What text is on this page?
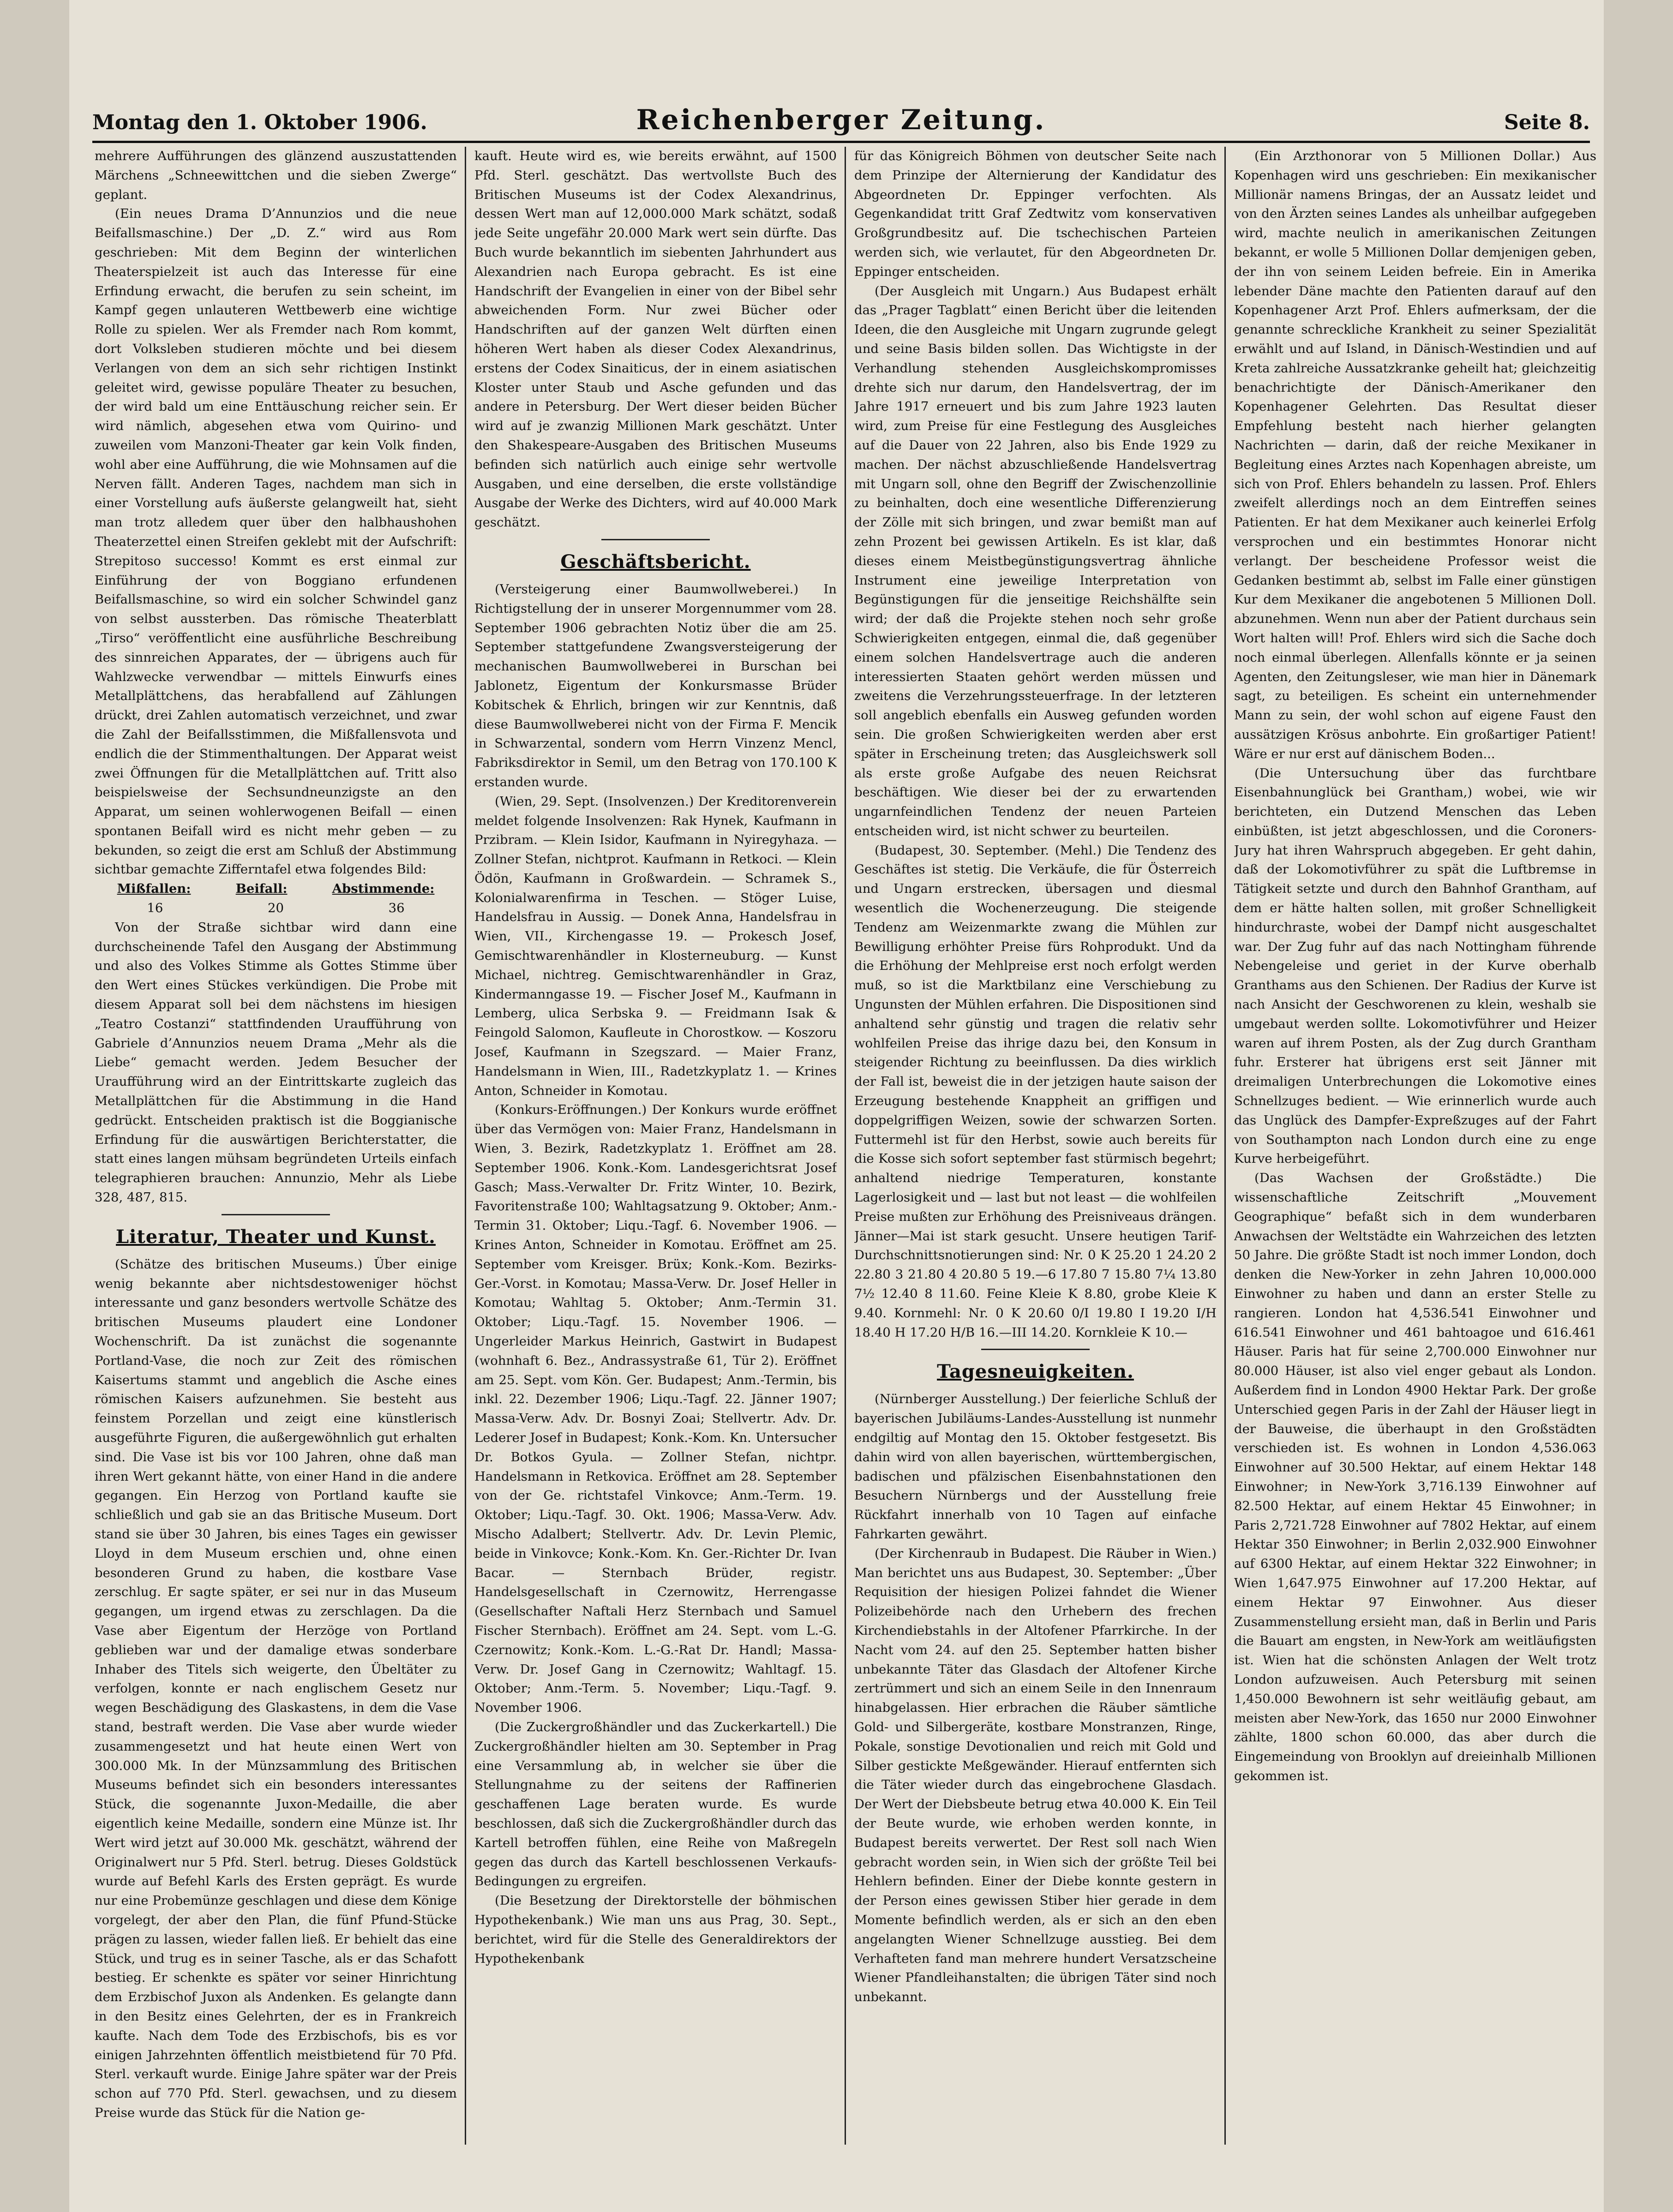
Montag den 1. Oktober 1906.	Reichenberger Zeitung.	Seite 8.

mehrere Aufführungen des glänzend auszustattenden Märchens „Schneewittchen und die sieben Zwerge“ geplant.

(Ein neues Drama D’Annunzios und die neue Beifallsmaschine.) Der „D. Z.“ wird aus Rom geschrieben: Mit dem Beginn der winterlichen Theaterspielzeit ist auch das Interesse für eine Erfindung erwacht, die berufen zu sein scheint, im Kampf gegen unlauteren Wettbewerb eine wichtige Rolle zu spielen. Wer als Fremder nach Rom kommt, dort Volksleben studieren möchte und bei diesem Verlangen von dem an sich sehr richtigen Instinkt geleitet wird, gewisse populäre Theater zu besuchen, der wird bald um eine Enttäuschung reicher sein. Er wird nämlich, abgesehen etwa vom Quirino- und zuweilen vom Manzoni-Theater gar kein Volk finden, wohl aber eine Aufführung, die wie Mohnsamen auf die Nerven fällt. Anderen Tages, nachdem man sich in einer Vorstellung aufs äußerste gelangweilt hat, sieht man trotz alledem quer über den halbhaushohen Theaterzettel einen Streifen geklebt mit der Aufschrift: Strepitoso successo! Kommt es erst einmal zur Einführung der von Boggiano erfundenen Beifallsmaschine, so wird ein solcher Schwindel ganz von selbst aussterben. Das römische Theaterblatt „Tirso“ veröffentlicht eine ausführliche Beschreibung des sinnreichen Apparates, der — übrigens auch für Wahlzwecke verwendbar — mittels Einwurfs eines Metallplättchens, das herabfallend auf Zählungen drückt, drei Zahlen automatisch verzeichnet, und zwar die Zahl der Beifallsstimmen, die Mißfallensvota und endlich die der Stimmenthaltungen. Der Apparat weist zwei Öffnungen für die Metallplättchen auf. Tritt also beispielsweise der Sechsundneunzigste an den Apparat, um seinen wohlerwogenen Beifall — einen spontanen Beifall wird es nicht mehr geben — zu bekunden, so zeigt die erst am Schluß der Abstimmung sichtbar gemachte Zifferntafel etwa folgendes Bild:

Mißfallen:	Beifall:	Abstimmende:
16	20	36

Von der Straße sichtbar wird dann eine durchscheinende Tafel den Ausgang der Abstimmung und also des Volkes Stimme als Gottes Stimme über den Wert eines Stückes verkündigen. Die Probe mit diesem Apparat soll bei dem nächstens im hiesigen „Teatro Costanzi“ stattfindenden Uraufführung von Gabriele d’Annunzios neuem Drama „Mehr als die Liebe“ gemacht werden. Jedem Besucher der Uraufführung wird an der Eintrittskarte zugleich das Metallplättchen für die Abstimmung in die Hand gedrückt. Entscheiden praktisch ist die Boggianische Erfindung für die auswärtigen Berichterstatter, die statt eines langen mühsam begründeten Urteils einfach telegraphieren brauchen: Annunzio, Mehr als Liebe 328, 487, 815.

Literatur, Theater und Kunst.

(Schätze des britischen Museums.) Über einige wenig bekannte aber nichtsdestoweniger höchst interessante und ganz besonders wertvolle Schätze des britischen Museums plaudert eine Londoner Wochenschrift. Da ist zunächst die sogenannte Portland-Vase, die noch zur Zeit des römischen Kaisertums stammt und angeblich die Asche eines römischen Kaisers aufzunehmen. Sie besteht aus feinstem Porzellan und zeigt eine künstlerisch ausgeführte Figuren, die außergewöhnlich gut erhalten sind. Die Vase ist bis vor 100 Jahren, ohne daß man ihren Wert gekannt hätte, von einer Hand in die andere gegangen. Ein Herzog von Portland kaufte sie schließlich und gab sie an das Britische Museum. Dort stand sie über 30 Jahren, bis eines Tages ein gewisser Lloyd in dem Museum erschien und, ohne einen besonderen Grund zu haben, die kostbare Vase zerschlug. Er sagte später, er sei nur in das Museum gegangen, um irgend etwas zu zerschlagen. Da die Vase aber Eigentum der Herzöge von Portland geblieben war und der damalige etwas sonderbare Inhaber des Titels sich weigerte, den Übeltäter zu verfolgen, konnte er nach englischem Gesetz nur wegen Beschädigung des Glaskastens, in dem die Vase stand, bestraft werden. Die Vase aber wurde wieder zusammengesetzt und hat heute einen Wert von 300.000 Mk. In der Münzsammlung des Britischen Museums befindet sich ein besonders interessantes Stück, die sogenannte Juxon-Medaille, die aber eigentlich keine Medaille, sondern eine Münze ist. Ihr Wert wird jetzt auf 30.000 Mk. geschätzt, während der Originalwert nur 5 Pfd. Sterl. betrug. Dieses Goldstück wurde auf Befehl Karls des Ersten geprägt. Es wurde nur eine Probemünze geschlagen und diese dem Könige vorgelegt, der aber den Plan, die fünf Pfund-Stücke prägen zu lassen, wieder fallen ließ. Er behielt das eine Stück, und trug es in seiner Tasche, als er das Schafott bestieg. Er schenkte es später vor seiner Hinrichtung dem Erzbischof Juxon als Andenken. Es gelangte dann in den Besitz eines Gelehrten, der es in Frankreich kaufte. Nach dem Tode des Erzbischofs, bis es vor einigen Jahrzehnten öffentlich meistbietend für 70 Pfd. Sterl. verkauft wurde. Einige Jahre später war der Preis schon auf 770 Pfd. Sterl. gewachsen, und zu diesem Preise wurde das Stück für die Nation ge-

kauft. Heute wird es, wie bereits erwähnt, auf 1500 Pfd. Sterl. geschätzt. Das wertvollste Buch des Britischen Museums ist der Codex Alexandrinus, dessen Wert man auf 12,000.000 Mark schätzt, sodaß jede Seite ungefähr 20.000 Mark wert sein dürfte. Das Buch wurde bekanntlich im siebenten Jahrhundert aus Alexandrien nach Europa gebracht. Es ist eine Handschrift der Evangelien in einer von der Bibel sehr abweichenden Form. Nur zwei Bücher oder Handschriften auf der ganzen Welt dürften einen höheren Wert haben als dieser Codex Alexandrinus, erstens der Codex Sinaiticus, der in einem asiatischen Kloster unter Staub und Asche gefunden und das andere in Petersburg. Der Wert dieser beiden Bücher wird auf je zwanzig Millionen Mark geschätzt. Unter den Shakespeare-Ausgaben des Britischen Museums befinden sich natürlich auch einige sehr wertvolle Ausgaben, und eine derselben, die erste vollständige Ausgabe der Werke des Dichters, wird auf 40.000 Mark geschätzt.

Geschäftsbericht.

(Versteigerung einer Baumwollweberei.) In Richtigstellung der in unserer Morgennummer vom 28. September 1906 gebrachten Notiz über die am 25. September stattgefundene Zwangsversteigerung der mechanischen Baumwollweberei in Burschan bei Jablonetz, Eigentum der Konkursmasse Brüder Kobitschek & Ehrlich, bringen wir zur Kenntnis, daß diese Baumwollweberei nicht von der Firma F. Mencik in Schwarzental, sondern vom Herrn Vinzenz Mencl, Fabriksdirektor in Semil, um den Betrag von 170.100 K erstanden wurde.

(Wien, 29. Sept. (Insolvenzen.) Der Kreditorenverein meldet folgende Insolvenzen: Rak Hynek, Kaufmann in Przibram. — Klein Isidor, Kaufmann in Nyiregyhaza. — Zollner Stefan, nichtprot. Kaufmann in Retkoci. — Klein Ödön, Kaufmann in Großwardein. — Schramek S., Kolonialwarenfirma in Teschen. — Stöger Luise, Handelsfrau in Aussig. — Donek Anna, Handelsfrau in Wien, VII., Kirchengasse 19. — Prokesch Josef, Gemischtwarenhändler in Klosterneuburg. — Kunst Michael, nichtreg. Gemischtwarenhändler in Graz, Kindermanngasse 19. — Fischer Josef M., Kaufmann in Lemberg, ulica Serbska 9. — Freidmann Isak & Feingold Salomon, Kaufleute in Chorostkow. — Koszoru Josef, Kaufmann in Szegszard. — Maier Franz, Handelsmann in Wien, III., Radetzkyplatz 1. — Krines Anton, Schneider in Komotau.

(Konkurs-Eröffnungen.) Der Konkurs wurde eröffnet über das Vermögen von: Maier Franz, Handelsmann in Wien, 3. Bezirk, Radetzkyplatz 1. Eröffnet am 28. September 1906. Konk.-Kom. Landesgerichtsrat Josef Gasch; Mass.-Verwalter Dr. Fritz Winter, 10. Bezirk, Favoritenstraße 100; Wahltagsatzung 9. Oktober; Anm.-Termin 31. Oktober; Liqu.-Tagf. 6. November 1906. — Krines Anton, Schneider in Komotau. Eröffnet am 25. September vom Kreisger. Brüx; Konk.-Kom. Bezirks-Ger.-Vorst. in Komotau; Massa-Verw. Dr. Josef Heller in Komotau; Wahltag 5. Oktober; Anm.-Termin 31. Oktober; Liqu.-Tagf. 15. November 1906. — Ungerleider Markus Heinrich, Gastwirt in Budapest (wohnhaft 6. Bez., Andrassystraße 61, Tür 2). Eröffnet am 25. Sept. vom Kön. Ger. Budapest; Anm.-Termin, bis inkl. 22. Dezember 1906; Liqu.-Tagf. 22. Jänner 1907; Massa-Verw. Adv. Dr. Bosnyi Zoai; Stellvertr. Adv. Dr. Lederer Josef in Budapest; Konk.-Kom. Kn. Untersucher Dr. Botkos Gyula. — Zollner Stefan, nichtpr. Handelsmann in Retkovica. Eröffnet am 28. September von der Ge. richtstafel Vinkovce; Anm.-Term. 19. Oktober; Liqu.-Tagf. 30. Okt. 1906; Massa-Verw. Adv. Mischo Adalbert; Stellvertr. Adv. Dr. Levin Plemic, beide in Vinkovce; Konk.-Kom. Kn. Ger.-Richter Dr. Ivan Bacar. — Sternbach Brüder, registr. Handelsgesellschaft in Czernowitz, Herrengasse (Gesellschafter Naftali Herz Sternbach und Samuel Fischer Sternbach). Eröffnet am 24. Sept. vom L.-G. Czernowitz; Konk.-Kom. L.-G.-Rat Dr. Handl; Massa-Verw. Dr. Josef Gang in Czernowitz; Wahltagf. 15. Oktober; Anm.-Term. 5. November; Liqu.-Tagf. 9. November 1906.

(Die Zuckergroßhändler und das Zuckerkartell.) Die Zuckergroßhändler hielten am 30. September in Prag eine Versammlung ab, in welcher sie über die Stellungnahme zu der seitens der Raffinerien geschaffenen Lage beraten wurde. Es wurde beschlossen, daß sich die Zuckergroßhändler durch das Kartell betroffen fühlen, eine Reihe von Maßregeln gegen das durch das Kartell beschlossenen Verkaufs-Bedingungen zu ergreifen.

(Die Besetzung der Direktorstelle der böhmischen Hypothekenbank.) Wie man uns aus Prag, 30. Sept., berichtet, wird für die Stelle des Generaldirektors der Hypothekenbank

für das Königreich Böhmen von deutscher Seite nach dem Prinzipe der Alternierung der Kandidatur des Abgeordneten Dr. Eppinger verfochten. Als Gegenkandidat tritt Graf Zedtwitz vom konservativen Großgrundbesitz auf. Die tschechischen Parteien werden sich, wie verlautet, für den Abgeordneten Dr. Eppinger entscheiden.

(Der Ausgleich mit Ungarn.) Aus Budapest erhält das „Prager Tagblatt“ einen Bericht über die leitenden Ideen, die den Ausgleiche mit Ungarn zugrunde gelegt und seine Basis bilden sollen. Das Wichtigste in der Verhandlung stehenden Ausgleichskompromisses drehte sich nur darum, den Handelsvertrag, der im Jahre 1917 erneuert und bis zum Jahre 1923 lauten wird, zum Preise für eine Festlegung des Ausgleiches auf die Dauer von 22 Jahren, also bis Ende 1929 zu machen. Der nächst abzuschließende Handelsvertrag mit Ungarn soll, ohne den Begriff der Zwischenzollinie zu beinhalten, doch eine wesentliche Differenzierung der Zölle mit sich bringen, und zwar bemißt man auf zehn Prozent bei gewissen Artikeln. Es ist klar, daß dieses einem Meistbegünstigungsvertrag ähnliche Instrument eine jeweilige Interpretation von Begünstigungen für die jenseitige Reichshälfte sein wird; der daß die Projekte stehen noch sehr große Schwierigkeiten entgegen, einmal die, daß gegenüber einem solchen Handelsvertrage auch die anderen interessierten Staaten gehört werden müssen und zweitens die Verzehrungssteuerfrage. In der letzteren soll angeblich ebenfalls ein Ausweg gefunden worden sein. Die großen Schwierigkeiten werden aber erst später in Erscheinung treten; das Ausgleichswerk soll als erste große Aufgabe des neuen Reichsrat beschäftigen. Wie dieser bei der zu erwartenden ungarnfeindlichen Tendenz der neuen Parteien entscheiden wird, ist nicht schwer zu beurteilen.

(Budapest, 30. September. (Mehl.) Die Tendenz des Geschäftes ist stetig. Die Verkäufe, die für Österreich und Ungarn erstrecken, übersagen und diesmal wesentlich die Wochenerzeugung. Die steigende Tendenz am Weizenmarkte zwang die Mühlen zur Bewilligung erhöhter Preise fürs Rohprodukt. Und da die Erhöhung der Mehlpreise erst noch erfolgt werden muß, so ist die Marktbilanz eine Verschiebung zu Ungunsten der Mühlen erfahren. Die Dispositionen sind anhaltend sehr günstig und tragen die relativ sehr wohlfeilen Preise das ihrige dazu bei, den Konsum in steigender Richtung zu beeinflussen. Da dies wirklich der Fall ist, beweist die in der jetzigen haute saison der Erzeugung bestehende Knappheit an griffigen und doppelgriffigen Weizen, sowie der schwarzen Sorten. Futtermehl ist für den Herbst, sowie auch bereits für die Kosse sich sofort september fast stürmisch begehrt; anhaltend niedrige Temperaturen, konstante Lagerlosigkeit und — last but not least — die wohlfeilen Preise mußten zur Erhöhung des Preisniveaus drängen. Jänner—Mai ist stark gesucht. Unsere heutigen Tarif-Durchschnittsnotierungen sind: Nr. 0 K 25.20 1 24.20 2 22.80 3 21.80 4 20.80 5 19.—6 17.80 7 15.80 7¼ 13.80 7½ 12.40 8 11.60. Feine Kleie K 8.80, grobe Kleie K 9.40. Kornmehl: Nr. 0 K 20.60 0/I 19.80 I 19.20 I/H 18.40 H 17.20 H/B 16.—III 14.20. Kornkleie K 10.—

Tagesneuigkeiten.

(Nürnberger Ausstellung.) Der feierliche Schluß der bayerischen Jubiläums-Landes-Ausstellung ist nunmehr endgiltig auf Montag den 15. Oktober festgesetzt. Bis dahin wird von allen bayerischen, württembergischen, badischen und pfälzischen Eisenbahnstationen den Besuchern Nürnbergs und der Ausstellung freie Rückfahrt innerhalb von 10 Tagen auf einfache Fahrkarten gewährt.

(Der Kirchenraub in Budapest. Die Räuber in Wien.) Man berichtet uns aus Budapest, 30. September: „Über Requisition der hiesigen Polizei fahndet die Wiener Polizeibehörde nach den Urhebern des frechen Kirchendiebstahls in der Altofener Pfarrkirche. In der Nacht vom 24. auf den 25. September hatten bisher unbekannte Täter das Glasdach der Altofener Kirche zertrümmert und sich an einem Seile in den Innenraum hinabgelassen. Hier erbrachen die Räuber sämtliche Gold- und Silbergeräte, kostbare Monstranzen, Ringe, Pokale, sonstige Devotionalien und reich mit Gold und Silber gestickte Meßgewänder. Hierauf entfernten sich die Täter wieder durch das eingebrochene Glasdach. Der Wert der Diebsbeute betrug etwa 40.000 K. Ein Teil der Beute wurde, wie erhoben werden konnte, in Budapest bereits verwertet. Der Rest soll nach Wien gebracht worden sein, in Wien sich der größte Teil bei Hehlern befinden. Einer der Diebe konnte gestern in der Person eines gewissen Stiber hier gerade in dem Momente befindlich werden, als er sich an den eben angelangten Wiener Schnellzuge ausstieg. Bei dem Verhafteten fand man mehrere hundert Versatzscheine Wiener Pfandleihanstalten; die übrigen Täter sind noch unbekannt.

(Ein Arzthonorar von 5 Millionen Dollar.) Aus Kopenhagen wird uns geschrieben: Ein mexikanischer Millionär namens Bringas, der an Aussatz leidet und von den Ärzten seines Landes als unheilbar aufgegeben wird, machte neulich in amerikanischen Zeitungen bekannt, er wolle 5 Millionen Dollar demjenigen geben, der ihn von seinem Leiden befreie. Ein in Amerika lebender Däne machte den Patienten darauf auf den Kopenhagener Arzt Prof. Ehlers aufmerksam, der die genannte schreckliche Krankheit zu seiner Spezialität erwählt und auf Island, in Dänisch-Westindien und auf Kreta zahlreiche Aussatzkranke geheilt hat; gleichzeitig benachrichtigte der Dänisch-Amerikaner den Kopenhagener Gelehrten. Das Resultat dieser Empfehlung besteht nach hierher gelangten Nachrichten — darin, daß der reiche Mexikaner in Begleitung eines Arztes nach Kopenhagen abreiste, um sich von Prof. Ehlers behandeln zu lassen. Prof. Ehlers zweifelt allerdings noch an dem Eintreffen seines Patienten. Er hat dem Mexikaner auch keinerlei Erfolg versprochen und ein bestimmtes Honorar nicht verlangt. Der bescheidene Professor weist die Gedanken bestimmt ab, selbst im Falle einer günstigen Kur dem Mexikaner die angebotenen 5 Millionen Doll. abzunehmen. Wenn nun aber der Patient durchaus sein Wort halten will! Prof. Ehlers wird sich die Sache doch noch einmal überlegen. Allenfalls könnte er ja seinen Agenten, den Zeitungsleser, wie man hier in Dänemark sagt, zu beteiligen. Es scheint ein unternehmender Mann zu sein, der wohl schon auf eigene Faust den aussätzigen Krösus anbohrte. Ein großartiger Patient! Wäre er nur erst auf dänischem Boden...

(Die Untersuchung über das furchtbare Eisenbahnunglück bei Grantham,) wobei, wie wir berichteten, ein Dutzend Menschen das Leben einbüßten, ist jetzt abgeschlossen, und die Coroners-Jury hat ihren Wahrspruch abgegeben. Er geht dahin, daß der Lokomotivführer zu spät die Luftbremse in Tätigkeit setzte und durch den Bahnhof Grantham, auf dem er hätte halten sollen, mit großer Schnelligkeit hindurchraste, wobei der Dampf nicht ausgeschaltet war. Der Zug fuhr auf das nach Nottingham führende Nebengeleise und geriet in der Kurve oberhalb Granthams aus den Schienen. Der Radius der Kurve ist nach Ansicht der Geschworenen zu klein, weshalb sie umgebaut werden sollte. Lokomotivführer und Heizer waren auf ihrem Posten, als der Zug durch Grantham fuhr. Ersterer hat übrigens erst seit Jänner mit dreimaligen Unterbrechungen die Lokomotive eines Schnellzuges bedient. — Wie erinnerlich wurde auch das Unglück des Dampfer-Expreßzuges auf der Fahrt von Southampton nach London durch eine zu enge Kurve herbeigeführt.

(Das Wachsen der Großstädte.) Die wissenschaftliche Zeitschrift „Mouvement Geographique“ befaßt sich in dem wunderbaren Anwachsen der Weltstädte ein Wahrzeichen des letzten 50 Jahre. Die größte Stadt ist noch immer London, doch denken die New-Yorker in zehn Jahren 10,000.000 Einwohner zu haben und dann an erster Stelle zu rangieren. London hat 4,536.541 Einwohner und 616.541 Einwohner und 461 bahtoagoe und 616.461 Häuser. Paris hat für seine 2,700.000 Einwohner nur 80.000 Häuser, ist also viel enger gebaut als London. Außerdem find in London 4900 Hektar Park. Der große Unterschied gegen Paris in der Zahl der Häuser liegt in der Bauweise, die überhaupt in den Großstädten verschieden ist. Es wohnen in London 4,536.063 Einwohner auf 30.500 Hektar, auf einem Hektar 148 Einwohner; in New-York 3,716.139 Einwohner auf 82.500 Hektar, auf einem Hektar 45 Einwohner; in Paris 2,721.728 Einwohner auf 7802 Hektar, auf einem Hektar 350 Einwohner; in Berlin 2,032.900 Einwohner auf 6300 Hektar, auf einem Hektar 322 Einwohner; in Wien 1,647.975 Einwohner auf 17.200 Hektar, auf einem Hektar 97 Einwohner. Aus dieser Zusammenstellung ersieht man, daß in Berlin und Paris die Bauart am engsten, in New-York am weitläufigsten ist. Wien hat die schönsten Anlagen der Welt trotz London aufzuweisen. Auch Petersburg mit seinen 1,450.000 Bewohnern ist sehr weitläufig gebaut, am meisten aber New-York, das 1650 nur 2000 Einwohner zählte, 1800 schon 60.000, das aber durch die Eingemeindung von Brooklyn auf dreieinhalb Millionen gekommen ist.
